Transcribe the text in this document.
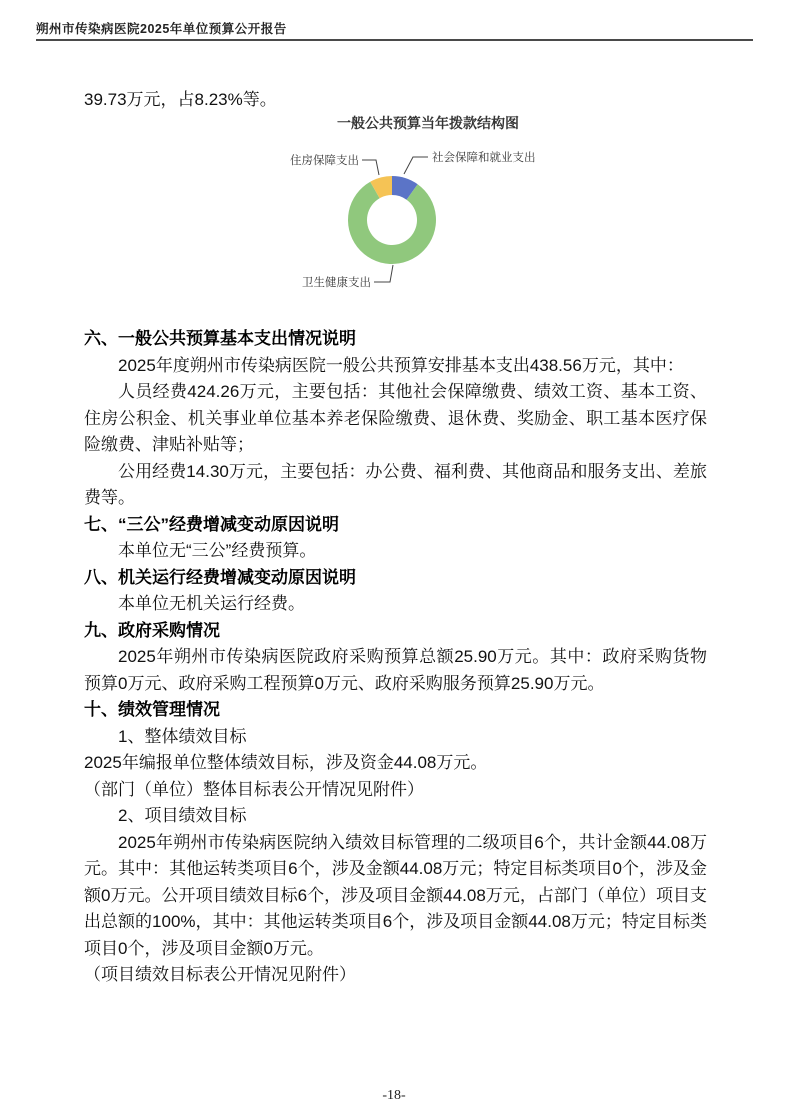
朔州市传染病医院2025年单位预算公开报告
39.73万元，占8.23%等。
一般公共预算当年拨款结构图
住房保障支出	社会保障和就业支出
卫生健康支出
六、一般公共预算基本支出情况说明
2025年度朔州市传染病医院一般公共预算安排基本支出438.56万元，其中：
人员经费424.26万元，主要包括：其他社会保障缴费、绩效工资、基本工资、住房公积金、机关事业单位基本养老保险缴费、退休费、奖励金、职工基本医疗保险缴费、津贴补贴等；
公用经费14.30万元，主要包括：办公费、福利费、其他商品和服务支出、差旅费等。
七、“三公”经费增减变动原因说明
本单位无“三公”经费预算。
八、机关运行经费增减变动原因说明
本单位无机关运行经费。
九、政府采购情况
2025年朔州市传染病医院政府采购预算总额25.90万元。其中：政府采购货物预算0万元、政府采购工程预算0万元、政府采购服务预算25.90万元。
十、绩效管理情况
1、整体绩效目标
2025年编报单位整体绩效目标，涉及资金44.08万元。
（部门（单位）整体目标表公开情况见附件）
2、项目绩效目标
2025年朔州市传染病医院纳入绩效目标管理的二级项目6个，共计金额44.08万元。其中：其他运转类项目6个，涉及金额44.08万元；特定目标类项目0个，涉及金额0万元。公开项目绩效目标6个，涉及项目金额44.08万元，占部门（单位）项目支出总额的100%，其中：其他运转类项目6个，涉及项目金额44.08万元；特定目标类项目0个，涉及项目金额0万元。
（项目绩效目标表公开情况见附件）
-18-
